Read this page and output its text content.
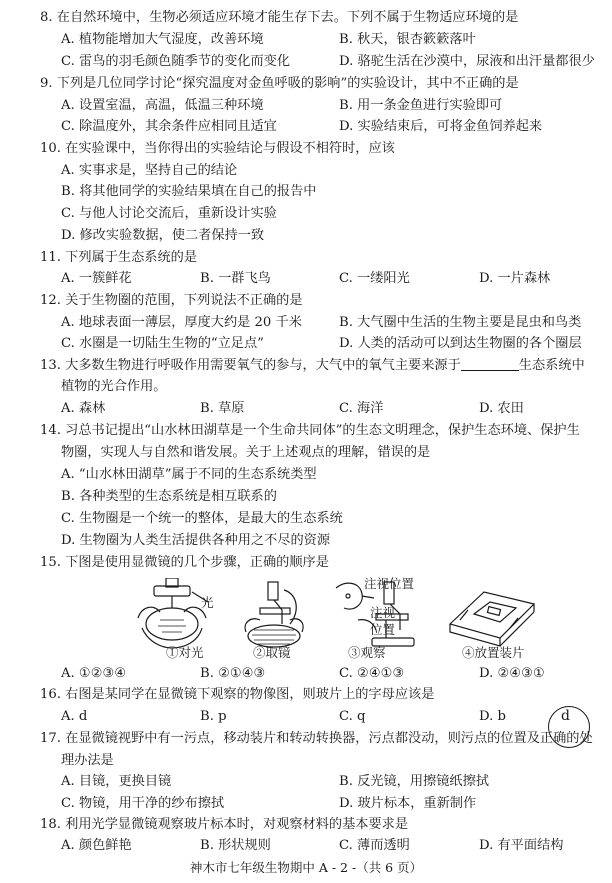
8. 在自然环境中，生物必须适应环境才能生存下去。下列不属于生物适应环境的是
A. 植物能增加大气湿度，改善环境	B. 秋天，银杏簌簌落叶
C. 雷鸟的羽毛颜色随季节的变化而变化	D. 骆驼生活在沙漠中，尿液和出汗量都很少
9. 下列是几位同学讨论“探究温度对金鱼呼吸的影响”的实验设计，其中不正确的是
A. 设置室温，高温，低温三种环境	B. 用一条金鱼进行实验即可
C. 除温度外，其余条件应相同且适宜	D. 实验结束后，可将金鱼饲养起来
10. 在实验课中，当你得出的实验结论与假设不相符时，应该
A. 实事求是，坚持自己的结论
B. 将其他同学的实验结果填在自己的报告中
C. 与他人讨论交流后，重新设计实验
D. 修改实验数据，使二者保持一致
11. 下列属于生态系统的是
A. 一簇鲜花	B. 一群飞鸟	C. 一缕阳光	D. 一片森林
12. 关于生物圈的范围，下列说法不正确的是
A. 地球表面一薄层，厚度大约是 20 千米	B. 大气圈中生活的生物主要是昆虫和鸟类
C. 水圈是一切陆生生物的“立足点”	D. 人类的活动可以到达生物圈的各个圈层
13. 大多数生物进行呼吸作用需要氧气的参与，大气中的氧气主要来源于	生态系统中
植物的光合作用。
A. 森林	B. 草原	C. 海洋	D. 农田
14. 习总书记提出“山水林田湖草是一个生命共同体”的生态文明理念，保护生态环境、保护生
物圈，实现人与自然和谐发展。关于上述观点的理解，错误的是
A. “山水林田湖草”属于不同的生态系统类型
B. 各种类型的生态系统是相互联系的
C. 生物圈是一个统一的整体，是最大的生态系统
D. 生物圈为人类生活提供各种用之不尽的资源
15. 下图是使用显微镜的几个步骤，正确的顺序是
光
注视位置
注视
位置
①对光	②取镜	③观察	④放置装片
A. ①②③④	B. ②①④③	C. ②④①③	D. ②④③①
16. 右图是某同学在显微镜下观察的物像图，则玻片上的字母应该是
d
A. d	B. p	C. q	D. b
17. 在显微镜视野中有一污点，移动装片和转动转换器，污点都没动，则污点的位置及正确的处
理办法是
A. 目镜，更换目镜	B. 反光镜，用擦镜纸擦拭
C. 物镜，用干净的纱布擦拭	D. 玻片标本，重新制作
18. 利用光学显微镜观察玻片标本时，对观察材料的基本要求是
A. 颜色鲜艳	B. 形状规则	C. 薄而透明	D. 有平面结构
神木市七年级生物期中 A - 2 -（共 6 页）
